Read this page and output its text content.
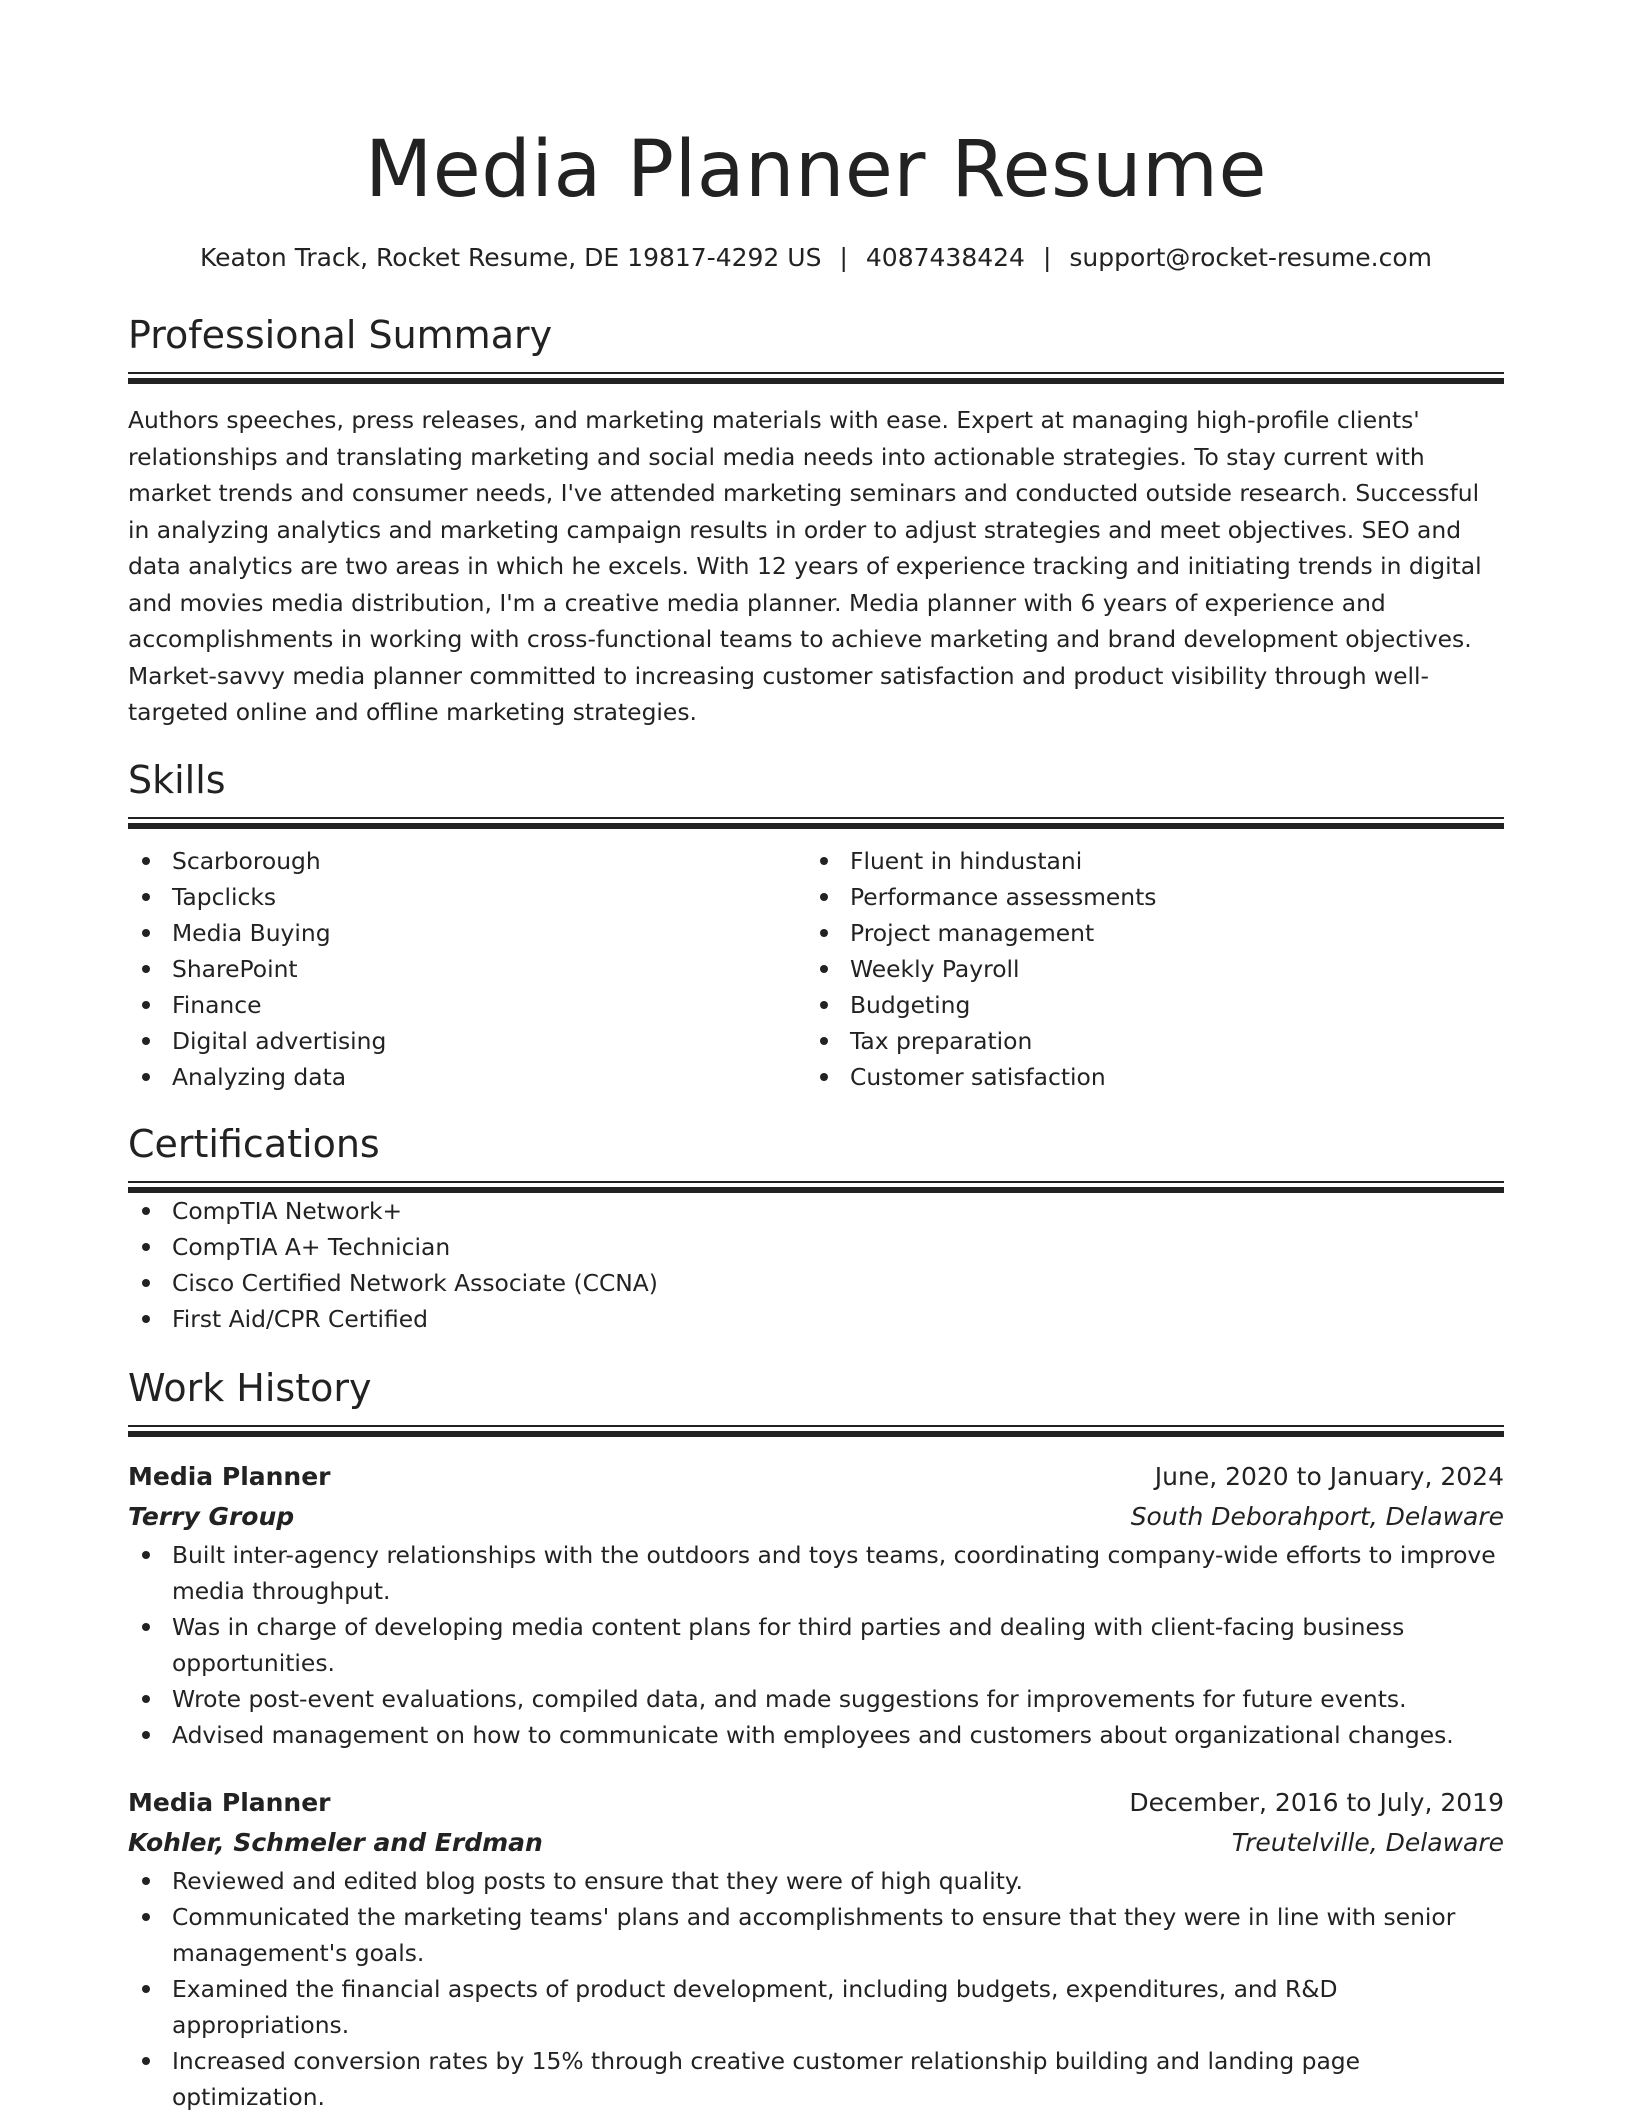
Media Planner Resume
Keaton Track, Rocket Resume, DE 19817-4292 US | 4087438424 | support@rocket-resume.com
Professional Summary
Authors speeches, press releases, and marketing materials with ease. Expert at managing high-profile clients' relationships and translating marketing and social media needs into actionable strategies. To stay current with market trends and consumer needs, I've attended marketing seminars and conducted outside research. Successful in analyzing analytics and marketing campaign results in order to adjust strategies and meet objectives. SEO and data analytics are two areas in which he excels. With 12 years of experience tracking and initiating trends in digital and movies media distribution, I'm a creative media planner. Media planner with 6 years of experience and accomplishments in working with cross-functional teams to achieve marketing and brand development objectives. Market-savvy media planner committed to increasing customer satisfaction and product visibility through well-targeted online and offline marketing strategies.
Skills
Scarborough
Tapclicks
Media Buying
SharePoint
Finance
Digital advertising
Analyzing data
Fluent in hindustani
Performance assessments
Project management
Weekly Payroll
Budgeting
Tax preparation
Customer satisfaction
Certifications
CompTIA Network+
CompTIA A+ Technician
Cisco Certified Network Associate (CCNA)
First Aid/CPR Certified
Work History
Media Planner	June, 2020 to January, 2024
Terry Group	South Deborahport, Delaware
Built inter-agency relationships with the outdoors and toys teams, coordinating company-wide efforts to improve media throughput.
Was in charge of developing media content plans for third parties and dealing with client-facing business opportunities.
Wrote post-event evaluations, compiled data, and made suggestions for improvements for future events.
Advised management on how to communicate with employees and customers about organizational changes.
Media Planner	December, 2016 to July, 2019
Kohler, Schmeler and Erdman	Treutelville, Delaware
Reviewed and edited blog posts to ensure that they were of high quality.
Communicated the marketing teams' plans and accomplishments to ensure that they were in line with senior management's goals.
Examined the financial aspects of product development, including budgets, expenditures, and R&D appropriations.
Increased conversion rates by 15% through creative customer relationship building and landing page optimization.
